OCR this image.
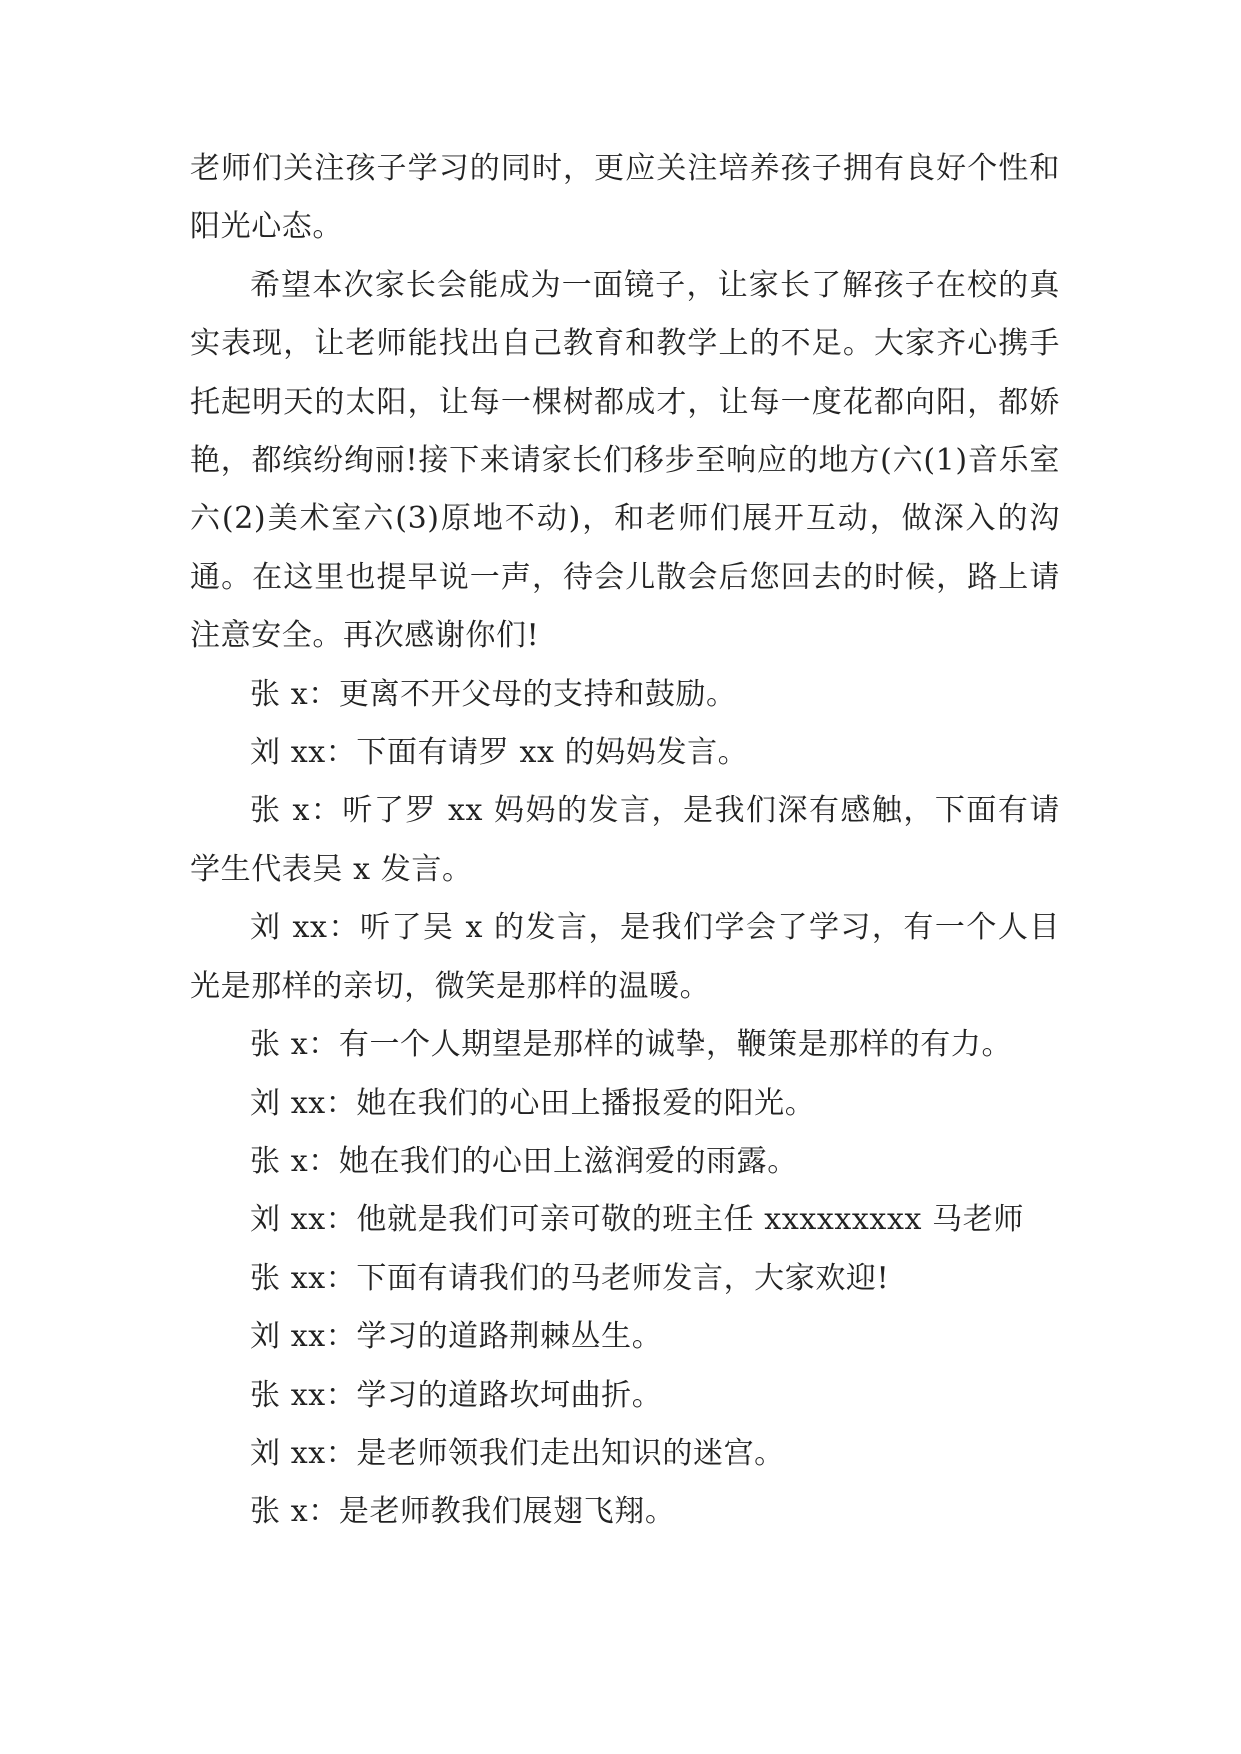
老师们关注孩子学习的同时，更应关注培养孩子拥有良好个性和阳光心态。

希望本次家长会能成为一面镜子，让家长了解孩子在校的真实表现，让老师能找出自己教育和教学上的不足。大家齐心携手托起明天的太阳，让每一棵树都成才，让每一度花都向阳，都娇艳，都缤纷绚丽!接下来请家长们移步至响应的地方(六(1)音乐室六(2)美术室六(3)原地不动)，和老师们展开互动，做深入的沟通。在这里也提早说一声，待会儿散会后您回去的时候，路上请注意安全。再次感谢你们!

张 x：更离不开父母的支持和鼓励。

刘 xx：下面有请罗 xx 的妈妈发言。

张 x：听了罗 xx 妈妈的发言，是我们深有感触，下面有请学生代表吴 x 发言。

刘 xx：听了吴 x 的发言，是我们学会了学习，有一个人目光是那样的亲切，微笑是那样的温暖。

张 x：有一个人期望是那样的诚挚，鞭策是那样的有力。

刘 xx：她在我们的心田上播报爱的阳光。

张 x：她在我们的心田上滋润爱的雨露。

刘 xx：他就是我们可亲可敬的班主任 xxxxxxxxx 马老师

张 xx：下面有请我们的马老师发言，大家欢迎!

刘 xx：学习的道路荆棘丛生。

张 xx：学习的道路坎坷曲折。

刘 xx：是老师领我们走出知识的迷宫。

张 x：是老师教我们展翅飞翔。
